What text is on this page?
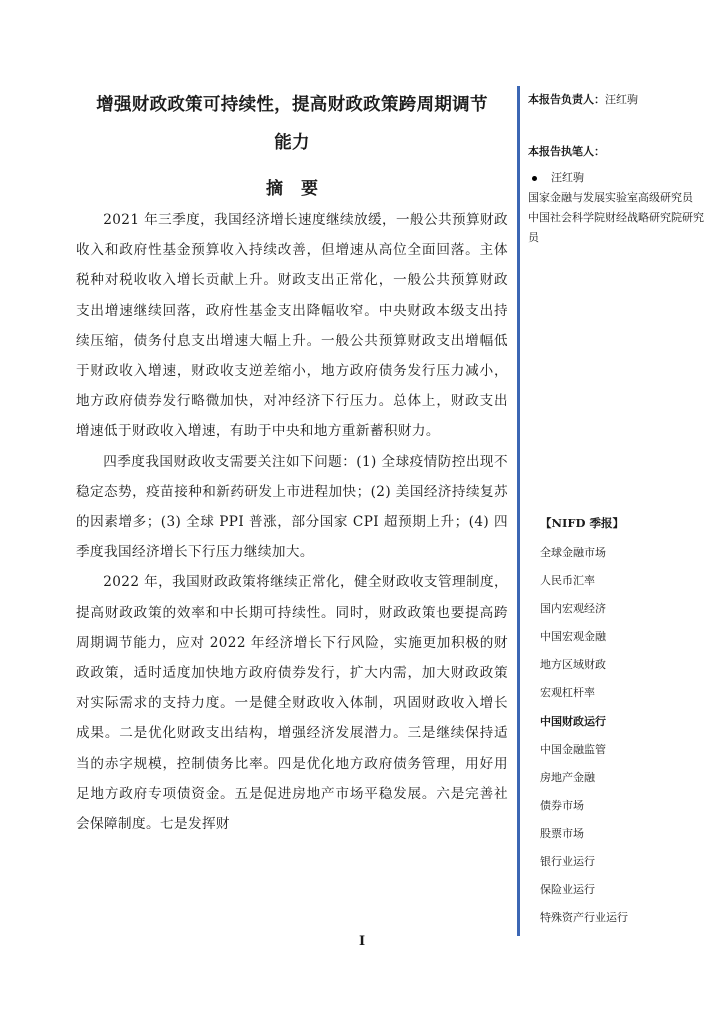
增强财政政策可持续性，提高财政政策跨周期调节
能力
摘要

2021 年三季度，我国经济增长速度继续放缓，一般公共预算财政收入和政府性基金预算收入持续改善，但增速从高位全面回落。主体税种对税收收入增长贡献上升。财政支出正常化，一般公共预算财政支出增速继续回落，政府性基金支出降幅收窄。中央财政本级支出持续压缩，债务付息支出增速大幅上升。一般公共预算财政支出增幅低于财政收入增速，财政收支逆差缩小，地方政府债务发行压力减小，地方政府债券发行略微加快，对冲经济下行压力。总体上，财政支出增速低于财政收入增速，有助于中央和地方重新蓄积财力。

四季度我国财政收支需要关注如下问题：(1) 全球疫情防控出现不稳定态势，疫苗接种和新药研发上市进程加快；(2) 美国经济持续复苏的因素增多；(3) 全球 PPI 普涨，部分国家 CPI 超预期上升；(4) 四季度我国经济增长下行压力继续加大。

2022 年，我国财政政策将继续正常化，健全财政收支管理制度，提高财政政策的效率和中长期可持续性。同时，财政政策也要提高跨周期调节能力，应对 2022 年经济增长下行风险，实施更加积极的财政政策，适时适度加快地方政府债券发行，扩大内需，加大财政政策对实际需求的支持力度。一是健全财政收入体制，巩固财政收入增长成果。二是优化财政支出结构，增强经济发展潜力。三是继续保持适当的赤字规模，控制债务比率。四是优化地方政府债务管理，用好用足地方政府专项债资金。五是促进房地产市场平稳发展。六是完善社会保障制度。七是发挥财

本报告负责人：汪红驹
本报告执笔人：
汪红驹
国家金融与发展实验室高级研究员
中国社会科学院财经战略研究院研究员
【NIFD 季报】
全球金融市场
人民币汇率
国内宏观经济
中国宏观金融
地方区域财政
宏观杠杆率
中国财政运行
中国金融监管
房地产金融
债券市场
股票市场
银行业运行
保险业运行
特殊资产行业运行
I
